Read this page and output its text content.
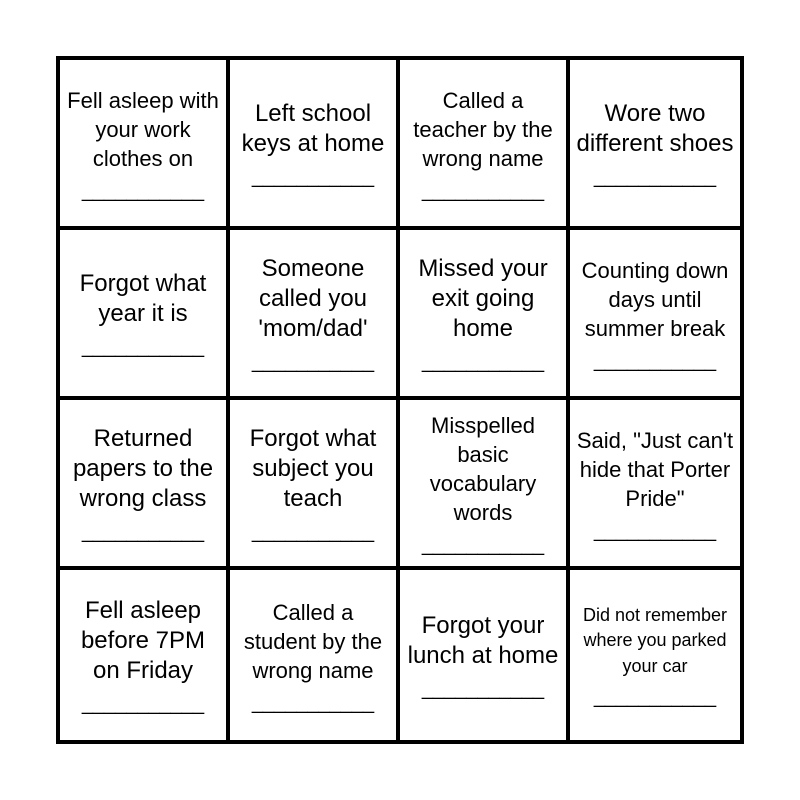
Fell asleep with your work clothes on
___________
Left school keys at home
___________
Called a teacher by the wrong name
___________
Wore two different shoes
___________
Forgot what year it is
___________
Someone called you 'mom/dad'
___________
Missed your exit going home
___________
Counting down days until summer break
___________
Returned papers to the wrong class
___________
Forgot what subject you teach
___________
Misspelled basic vocabulary words
___________
Said, "Just can't hide that Porter Pride"
___________
Fell asleep before 7PM on Friday
___________
Called a student by the wrong name
___________
Forgot your lunch at home
___________
Did not remember where you parked your car
___________
